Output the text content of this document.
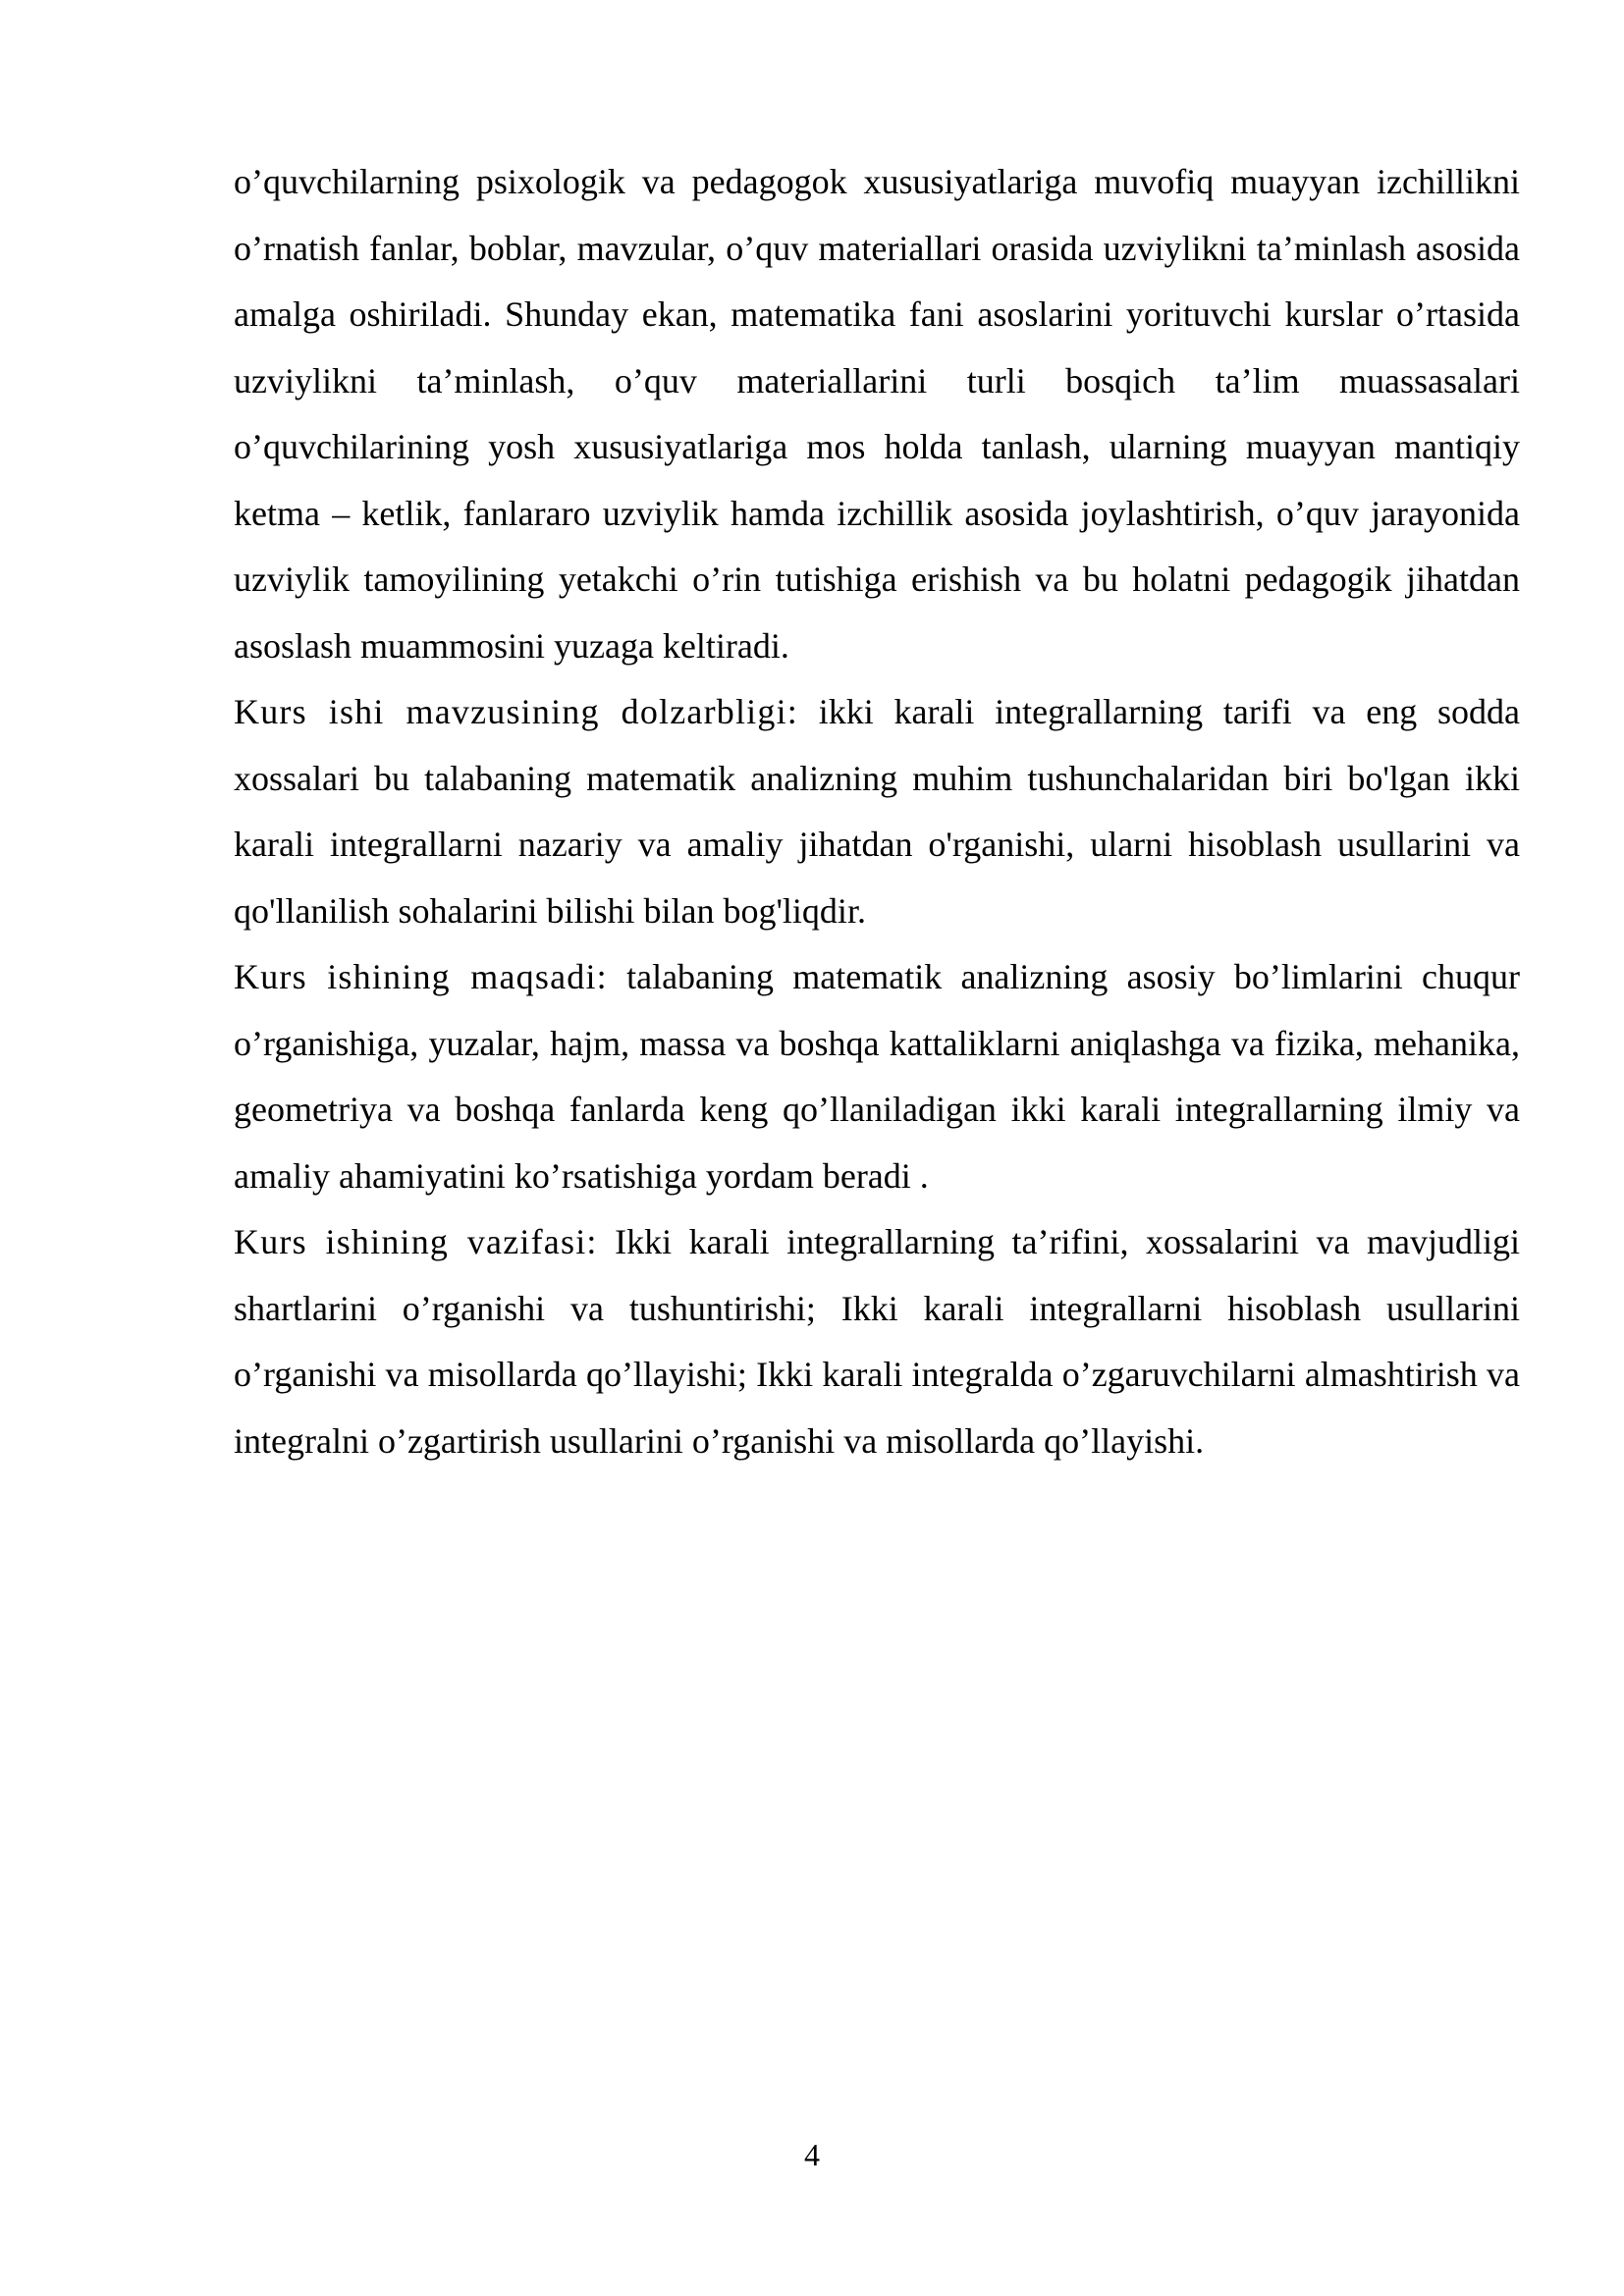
o’quvchilarning psixologik va pedagogok xususiyatlariga muvofiq muayyan izchillikni o’rnatish fanlar, boblar, mavzular, o’quv materiallari orasida uzviylikni ta’minlash asosida amalga oshiriladi. Shunday ekan, matematika fani asoslarini yorituvchi kurslar o’rtasida uzviylikni ta’minlash, o’quv materiallarini turli bosqich ta’lim muassasalari o’quvchilarining yosh xususiyatlariga mos holda tanlash, ularning muayyan mantiqiy ketma – ketlik, fanlararo uzviylik hamda izchillik asosida joylashtirish, o’quv jarayonida uzviylik tamoyilining yetakchi o’rin tutishiga erishish va bu holatni pedagogik jihatdan asoslash muammosini yuzaga keltiradi.

Kurs ishi mavzusining dolzarbligi: ikki karali integrallarning tarifi va eng sodda xossalari bu talabaning matematik analizning muhim tushunchalaridan biri bo'lgan ikki karali integrallarni nazariy va amaliy jihatdan o'rganishi, ularni hisoblash usullarini va qo'llanilish sohalarini bilishi bilan bog'liqdir.

Kurs ishining maqsadi: talabaning matematik analizning asosiy bo’limlarini chuqur o’rganishiga, yuzalar, hajm, massa va boshqa kattaliklarni aniqlashga va fizika, mehanika, geometriya va boshqa fanlarda keng qo’llaniladigan ikki karali integrallarning ilmiy va amaliy ahamiyatini ko’rsatishiga yordam beradi .

Kurs ishining vazifasi: Ikki karali integrallarning ta’rifini, xossalarini va mavjudligi shartlarini o’rganishi va tushuntirishi; Ikki karali integrallarni hisoblash usullarini o’rganishi va misollarda qo’llayishi; Ikki karali integralda o’zgaruvchilarni almashtirish va integralni o’zgartirish usullarini o’rganishi va misollarda qo’llayishi.

4
